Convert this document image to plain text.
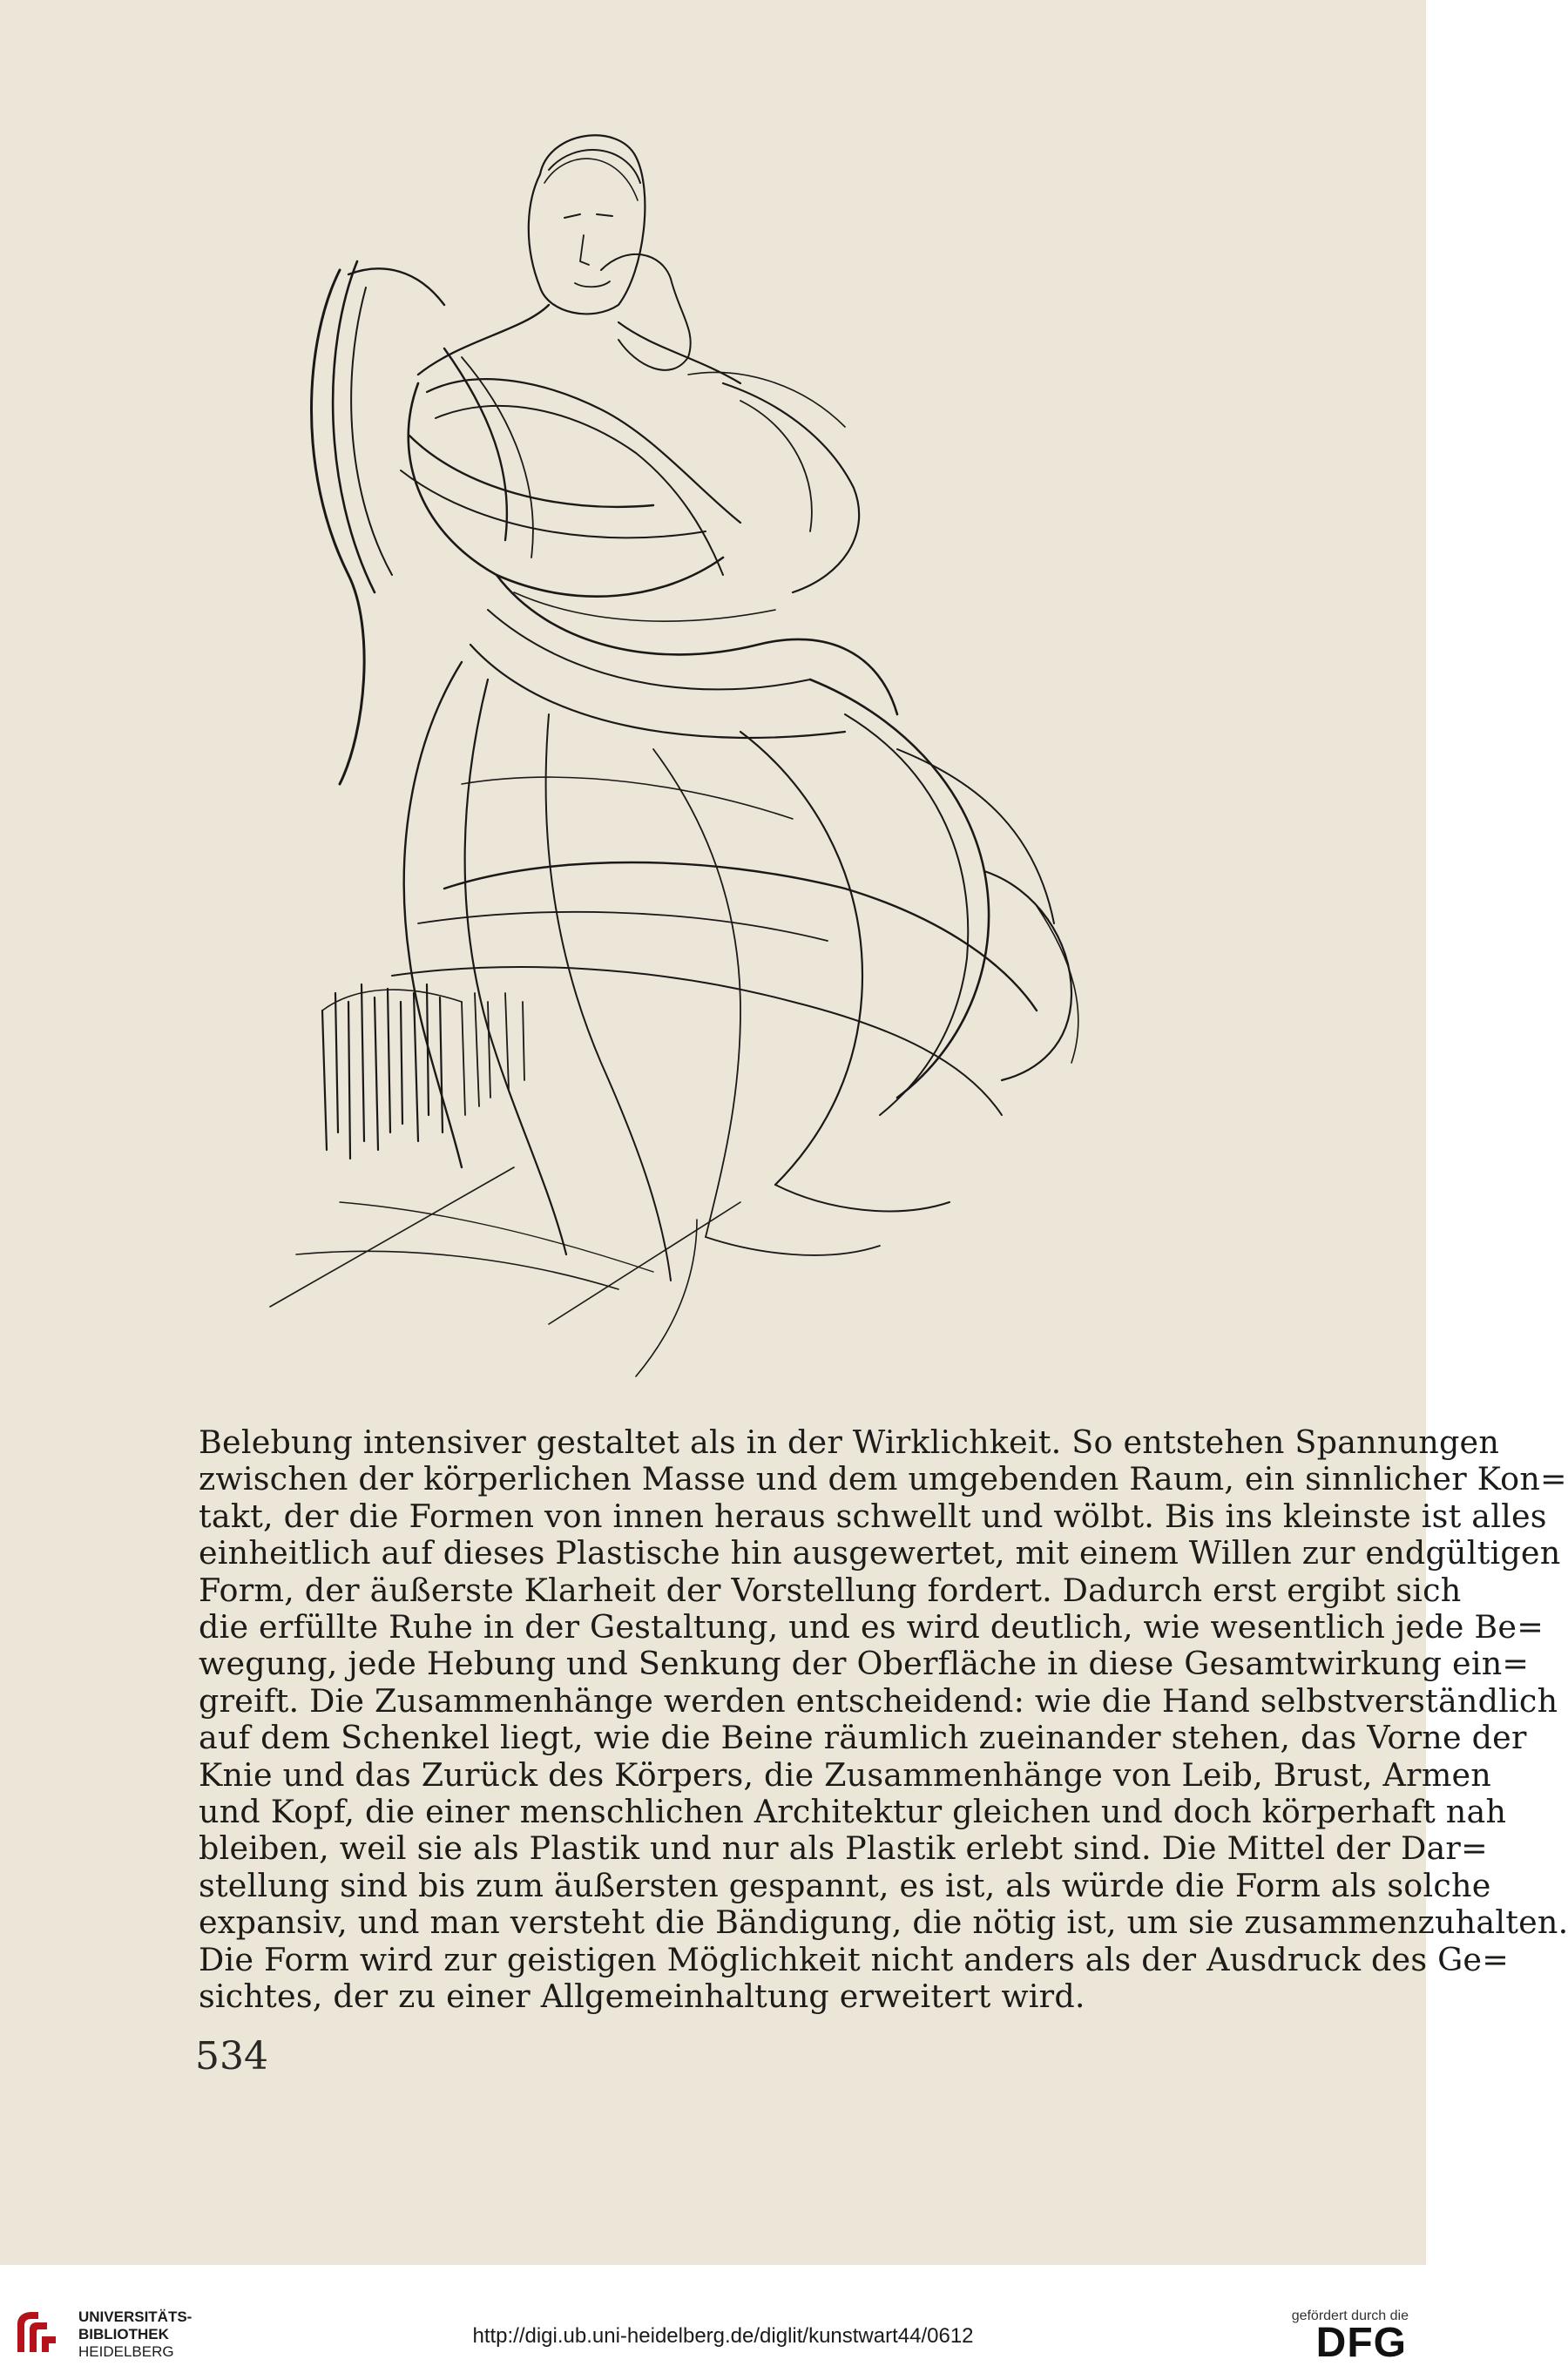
Belebung intensiver gestaltet als in der Wirklichkeit. So entstehen Spannungen
zwischen der körperlichen Masse und dem umgebenden Raum, ein sinnlicher Kon=
takt, der die Formen von innen heraus schwellt und wölbt. Bis ins kleinste ist alles
einheitlich auf dieses Plastische hin ausgewertet, mit einem Willen zur endgültigen
Form, der äußerste Klarheit der Vorstellung fordert. Dadurch erst ergibt sich
die erfüllte Ruhe in der Gestaltung, und es wird deutlich, wie wesentlich jede Be=
wegung, jede Hebung und Senkung der Oberfläche in diese Gesamtwirkung ein=
greift. Die Zusammenhänge werden entscheidend: wie die Hand selbstverständlich
auf dem Schenkel liegt, wie die Beine räumlich zueinander stehen, das Vorne der
Knie und das Zurück des Körpers, die Zusammenhänge von Leib, Brust, Armen
und Kopf, die einer menschlichen Architektur gleichen und doch körperhaft nah
bleiben, weil sie als Plastik und nur als Plastik erlebt sind. Die Mittel der Dar=
stellung sind bis zum äußersten gespannt, es ist, als würde die Form als solche
expansiv, und man versteht die Bändigung, die nötig ist, um sie zusammenzuhalten.
Die Form wird zur geistigen Möglichkeit nicht anders als der Ausdruck des Ge=
sichtes, der zu einer Allgemeinhaltung erweitert wird.
534
UNIVERSITÄTS-
BIBLIOTHEK
HEIDELBERG
http://digi.ub.uni-heidelberg.de/diglit/kunstwart44/0612
gefördert durch die
DFG
